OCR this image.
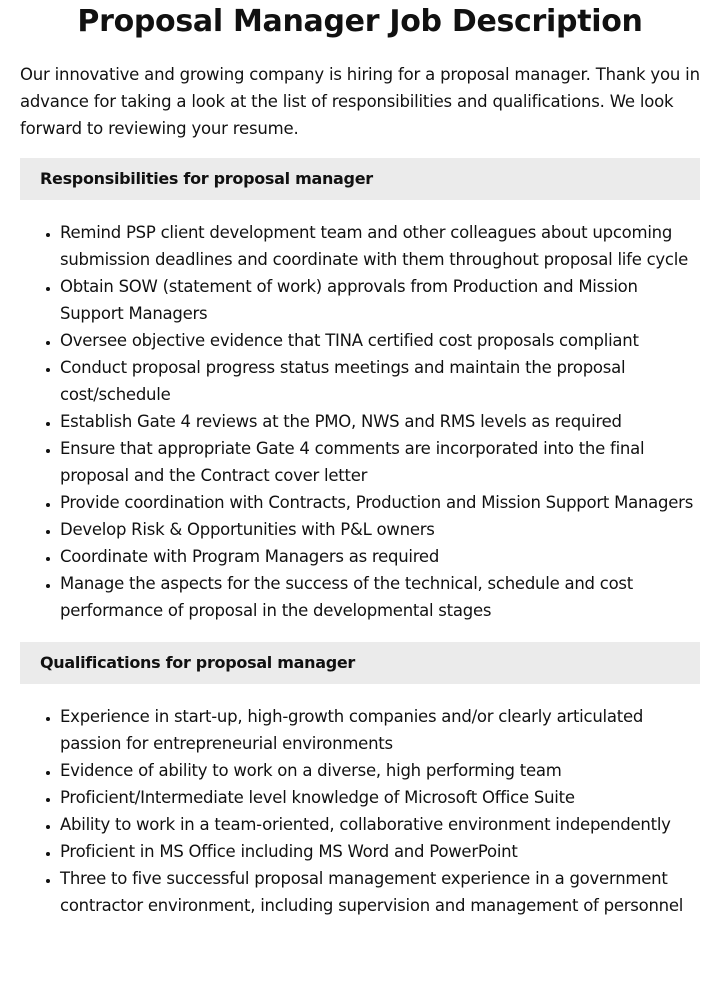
Proposal Manager Job Description

Our innovative and growing company is hiring for a proposal manager. Thank you in advance for taking a look at the list of responsibilities and qualifications. We look forward to reviewing your resume.

Responsibilities for proposal manager
• Remind PSP client development team and other colleagues about upcoming submission deadlines and coordinate with them throughout proposal life cycle
• Obtain SOW (statement of work) approvals from Production and Mission Support Managers
• Oversee objective evidence that TINA certified cost proposals compliant
• Conduct proposal progress status meetings and maintain the proposal cost/schedule
• Establish Gate 4 reviews at the PMO, NWS and RMS levels as required
• Ensure that appropriate Gate 4 comments are incorporated into the final proposal and the Contract cover letter
• Provide coordination with Contracts, Production and Mission Support Managers
• Develop Risk & Opportunities with P&L owners
• Coordinate with Program Managers as required
• Manage the aspects for the success of the technical, schedule and cost performance of proposal in the developmental stages
Qualifications for proposal manager
• Experience in start-up, high-growth companies and/or clearly articulated passion for entrepreneurial environments
• Evidence of ability to work on a diverse, high performing team
• Proficient/Intermediate level knowledge of Microsoft Office Suite
• Ability to work in a team-oriented, collaborative environment independently
• Proficient in MS Office including MS Word and PowerPoint
• Three to five successful proposal management experience in a government contractor environment, including supervision and management of personnel
